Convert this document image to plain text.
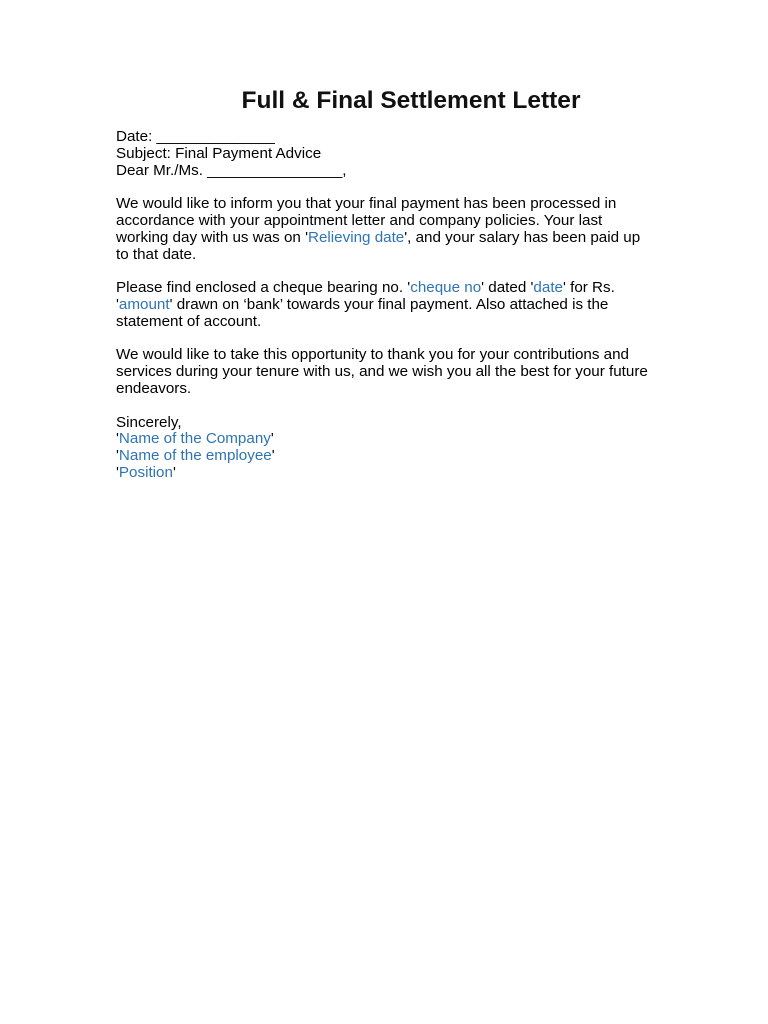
Full & Final Settlement Letter

Date: ______________

Subject: Final Payment Advice

Dear Mr./Ms. ________________,

We would like to inform you that your final payment has been processed in accordance with your appointment letter and company policies. Your last working day with us was on 'Relieving date', and your salary has been paid up to that date.

Please find enclosed a cheque bearing no. 'cheque no' dated 'date' for Rs. 'amount' drawn on ‘bank’ towards your final payment. Also attached is the statement of account.

We would like to take this opportunity to thank you for your contributions and services during your tenure with us, and we wish you all the best for your future endeavors.

Sincerely,

'Name of the Company'

'Name of the employee'

'Position'
